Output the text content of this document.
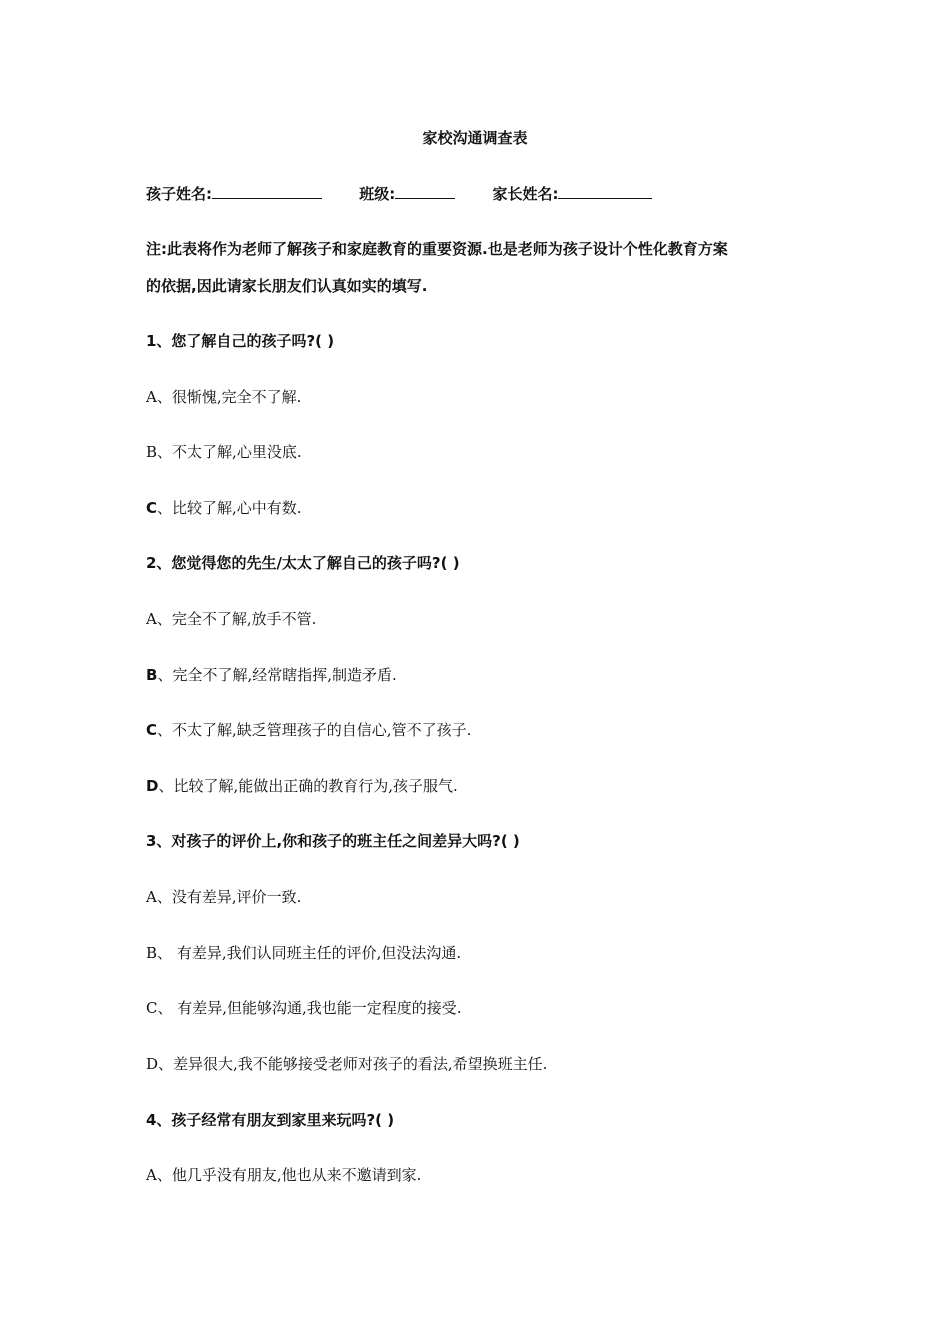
家校沟通调查表
孩子姓名:	班级:	家长姓名:
注:此表将作为老师了解孩子和家庭教育的重要资源.也是老师为孩子设计个性化教育方案
的依据,因此请家长朋友们认真如实的填写.
1、您了解自己的孩子吗?( )
A、很惭愧,完全不了解.
B、不太了解,心里没底.
C、比较了解,心中有数.
2、您觉得您的先生/太太了解自己的孩子吗?( )
A、完全不了解,放手不管.
B、完全不了解,经常瞎指挥,制造矛盾.
C、不太了解,缺乏管理孩子的自信心,管不了孩子.
D、比较了解,能做出正确的教育行为,孩子服气.
3、对孩子的评价上,你和孩子的班主任之间差异大吗?( )
A、没有差异,评价一致.
B、 有差异,我们认同班主任的评价,但没法沟通.
C、 有差异,但能够沟通,我也能一定程度的接受.
D、差异很大,我不能够接受老师对孩子的看法,希望换班主任.
4、孩子经常有朋友到家里来玩吗?( )
A、他几乎没有朋友,他也从来不邀请到家.
